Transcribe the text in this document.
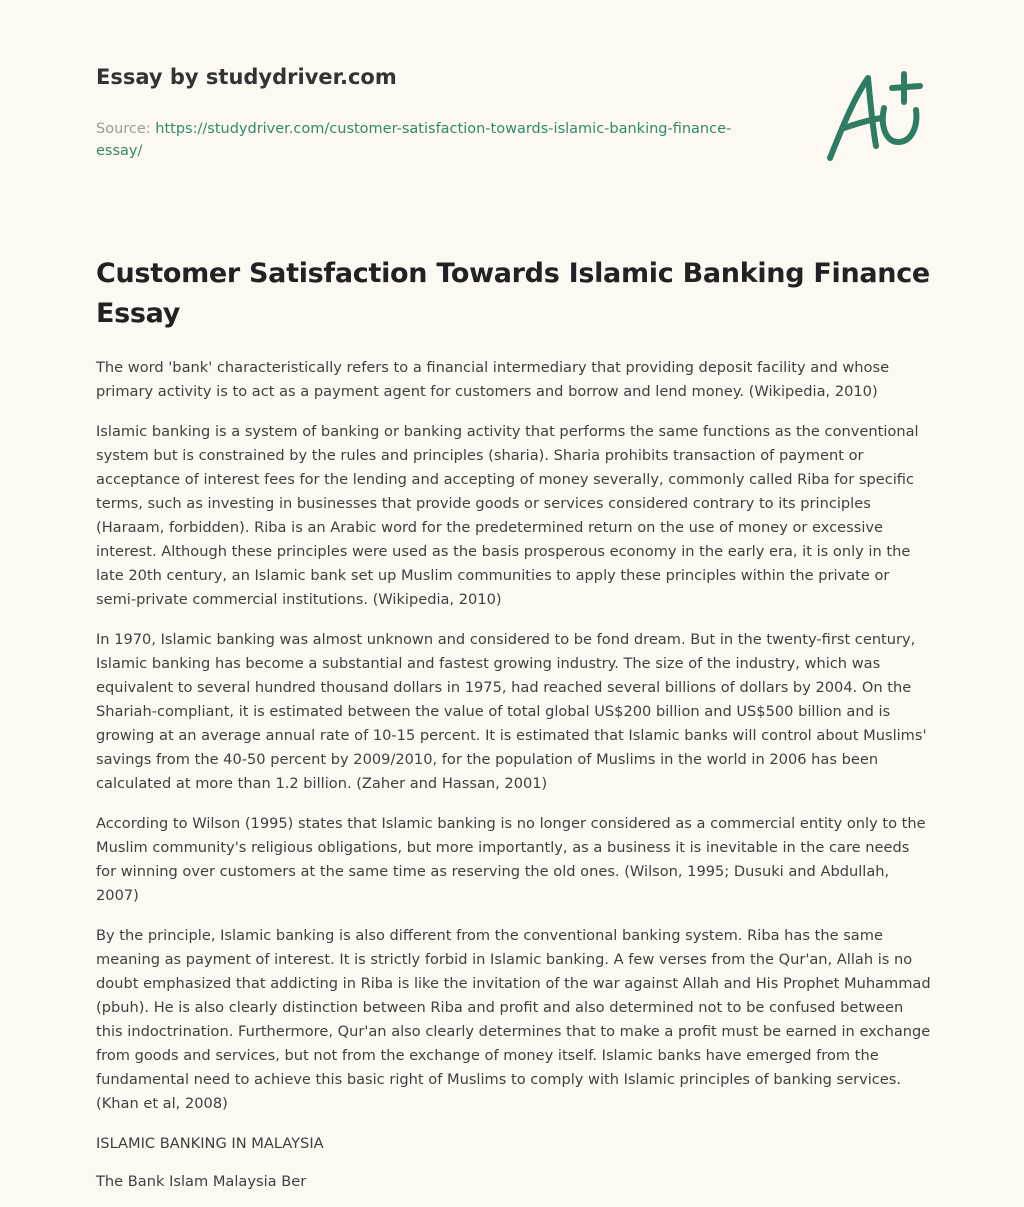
Essay by studydriver.com
Source: https://studydriver.com/customer-satisfaction-towards-islamic-banking-finance-
essay/
Customer Satisfaction Towards Islamic Banking Finance Essay

The word 'bank' characteristically refers to a financial intermediary that providing deposit facility and whose primary activity is to act as a payment agent for customers and borrow and lend money. (Wikipedia, 2010)

Islamic banking is a system of banking or banking activity that performs the same functions as the conventional system but is constrained by the rules and principles (sharia). Sharia prohibits transaction of payment or acceptance of interest fees for the lending and accepting of money severally, commonly called Riba for specific terms, such as investing in businesses that provide goods or services considered contrary to its principles (Haraam, forbidden). Riba is an Arabic word for the predetermined return on the use of money or excessive interest. Although these principles were used as the basis prosperous economy in the early era, it is only in the late 20th century, an Islamic bank set up Muslim communities to apply these principles within the private or semi-private commercial institutions. (Wikipedia, 2010)

In 1970, Islamic banking was almost unknown and considered to be fond dream. But in the twenty-first century, Islamic banking has become a substantial and fastest growing industry. The size of the industry, which was equivalent to several hundred thousand dollars in 1975, had reached several billions of dollars by 2004. On the Shariah-compliant, it is estimated between the value of total global US$200 billion and US$500 billion and is growing at an average annual rate of 10-15 percent. It is estimated that Islamic banks will control about Muslims' savings from the 40-50 percent by 2009/2010, for the population of Muslims in the world in 2006 has been calculated at more than 1.2 billion. (Zaher and Hassan, 2001)

According to Wilson (1995) states that Islamic banking is no longer considered as a commercial entity only to the Muslim community's religious obligations, but more importantly, as a business it is inevitable in the care needs for winning over customers at the same time as reserving the old ones. (Wilson, 1995; Dusuki and Abdullah, 2007)

By the principle, Islamic banking is also different from the conventional banking system. Riba has the same meaning as payment of interest. It is strictly forbid in Islamic banking. A few verses from the Qur'an, Allah is no doubt emphasized that addicting in Riba is like the invitation of the war against Allah and His Prophet Muhammad (pbuh). He is also clearly distinction between Riba and profit and also determined not to be confused between this indoctrination. Furthermore, Qur'an also clearly determines that to make a profit must be earned in exchange from goods and services, but not from the exchange of money itself. Islamic banks have emerged from the fundamental need to achieve this basic right of Muslims to comply with Islamic principles of banking services. (Khan et al, 2008)

ISLAMIC BANKING IN MALAYSIA

The Bank Islam Malaysia Ber
